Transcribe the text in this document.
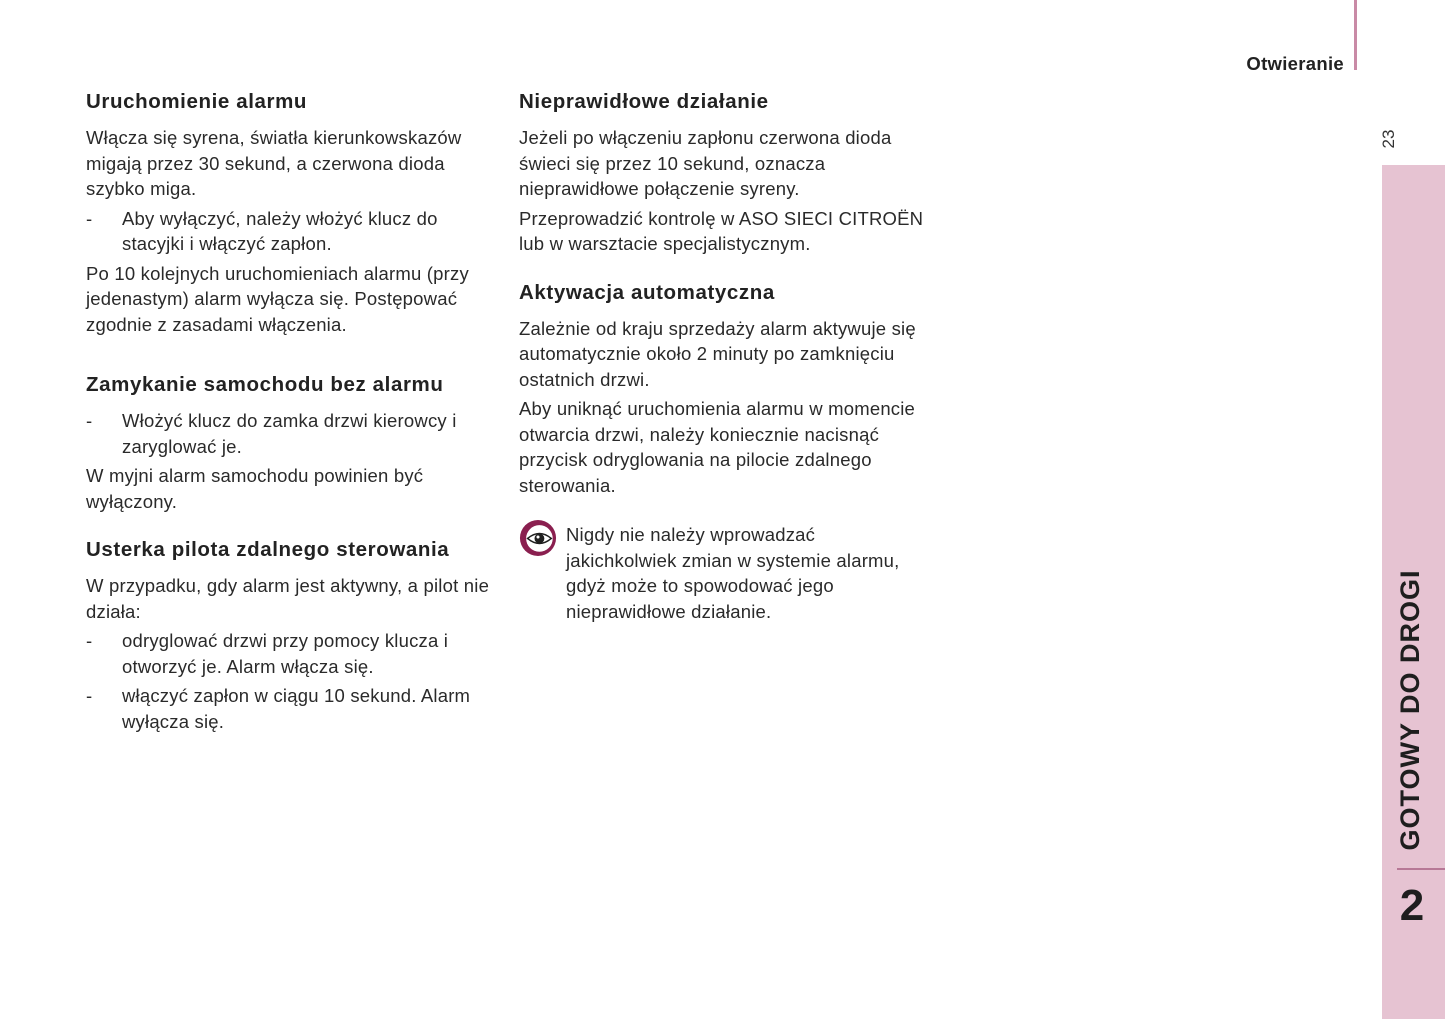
Otwieranie
23
GOTOWY DO DROGI
2
Uruchomienie alarmu

Włącza się syrena, światła kierunkowskazów migają przez 30 sekund, a czerwona dioda szybko miga.

- Aby wyłączyć, należy włożyć klucz do stacyjki i włączyć zapłon.

Po 10 kolejnych uruchomieniach alarmu (przy jedenastym) alarm wyłącza się. Postępować zgodnie z zasadami włączenia.

Zamykanie samochodu bez alarmu
- Włożyć klucz do zamka drzwi kierowcy i zaryglować je.

W myjni alarm samochodu powinien być wyłączony.

Usterka pilota zdalnego sterowania

W przypadku, gdy alarm jest aktywny, a pilot nie działa:

- odryglować drzwi przy pomocy klucza i otworzyć je. Alarm włącza się.
- włączyć zapłon w ciągu 10 sekund. Alarm wyłącza się.
Nieprawidłowe działanie

Jeżeli po włączeniu zapłonu czerwona dioda świeci się przez 10 sekund, oznacza nieprawidłowe połączenie syreny.

Przeprowadzić kontrolę w ASO SIECI CITROËN lub w warsztacie specjalistycznym.

Aktywacja automatyczna

Zależnie od kraju sprzedaży alarm aktywuje się automatycznie około 2 minuty po zamknięciu ostatnich drzwi.

Aby uniknąć uruchomienia alarmu w momencie otwarcia drzwi, należy koniecznie nacisnąć przycisk odryglowania na pilocie zdalnego sterowania.

Nigdy nie należy wprowadzać jakichkolwiek zmian w systemie alarmu, gdyż może to spowodować jego nieprawidłowe działanie.
